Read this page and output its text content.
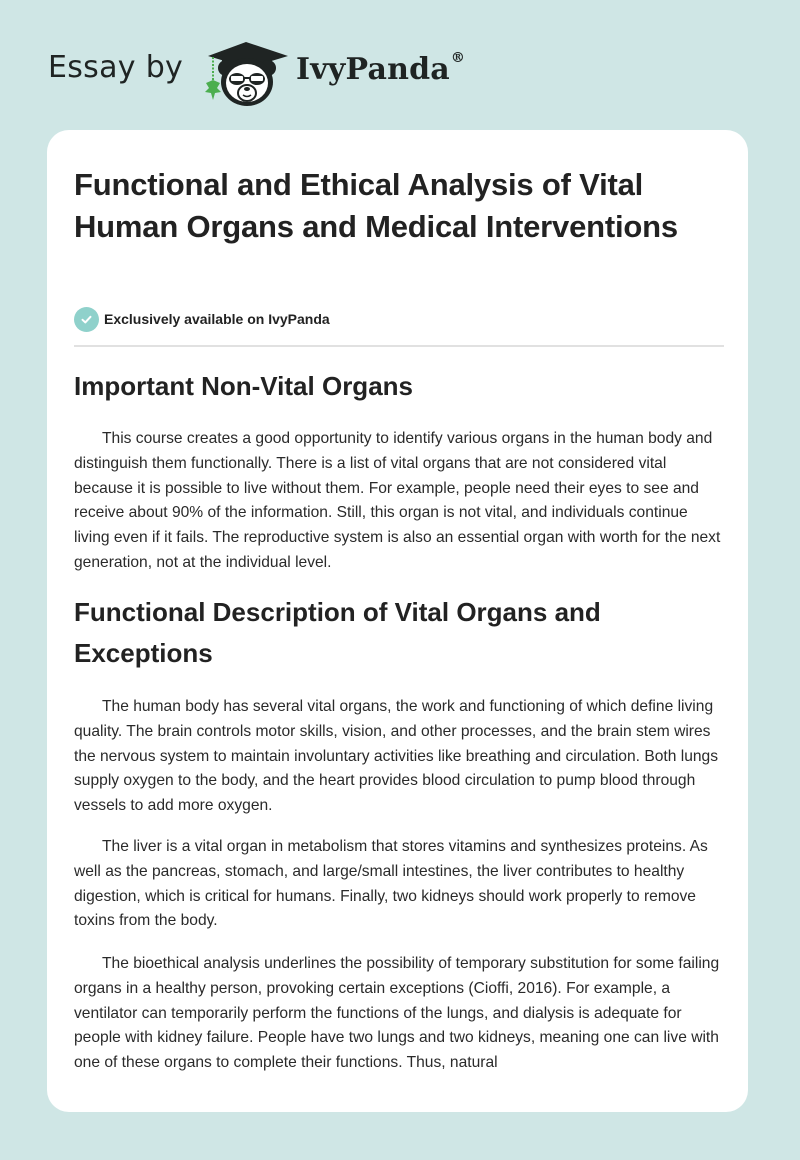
Essay by	IvyPanda®
Functional and Ethical Analysis of Vital Human Organs and Medical Interventions
Exclusively available on IvyPanda
Important Non-Vital Organs

This course creates a good opportunity to identify various organs in the human body and distinguish them functionally. There is a list of vital organs that are not considered vital because it is possible to live without them. For example, people need their eyes to see and receive about 90% of the information. Still, this organ is not vital, and individuals continue living even if it fails. The reproductive system is also an essential organ with worth for the next generation, not at the individual level.

Functional Description of Vital Organs and Exceptions

The human body has several vital organs, the work and functioning of which define living quality. The brain controls motor skills, vision, and other processes, and the brain stem wires the nervous system to maintain involuntary activities like breathing and circulation. Both lungs supply oxygen to the body, and the heart provides blood circulation to pump blood through vessels to add more oxygen.

The liver is a vital organ in metabolism that stores vitamins and synthesizes proteins. As well as the pancreas, stomach, and large/small intestines, the liver contributes to healthy digestion, which is critical for humans. Finally, two kidneys should work properly to remove toxins from the body.

The bioethical analysis underlines the possibility of temporary substitution for some failing organs in a healthy person, provoking certain exceptions (Cioffi, 2016). For example, a ventilator can temporarily perform the functions of the lungs, and dialysis is adequate for people with kidney failure. People have two lungs and two kidneys, meaning one can live with one of these organs to complete their functions. Thus, natural
